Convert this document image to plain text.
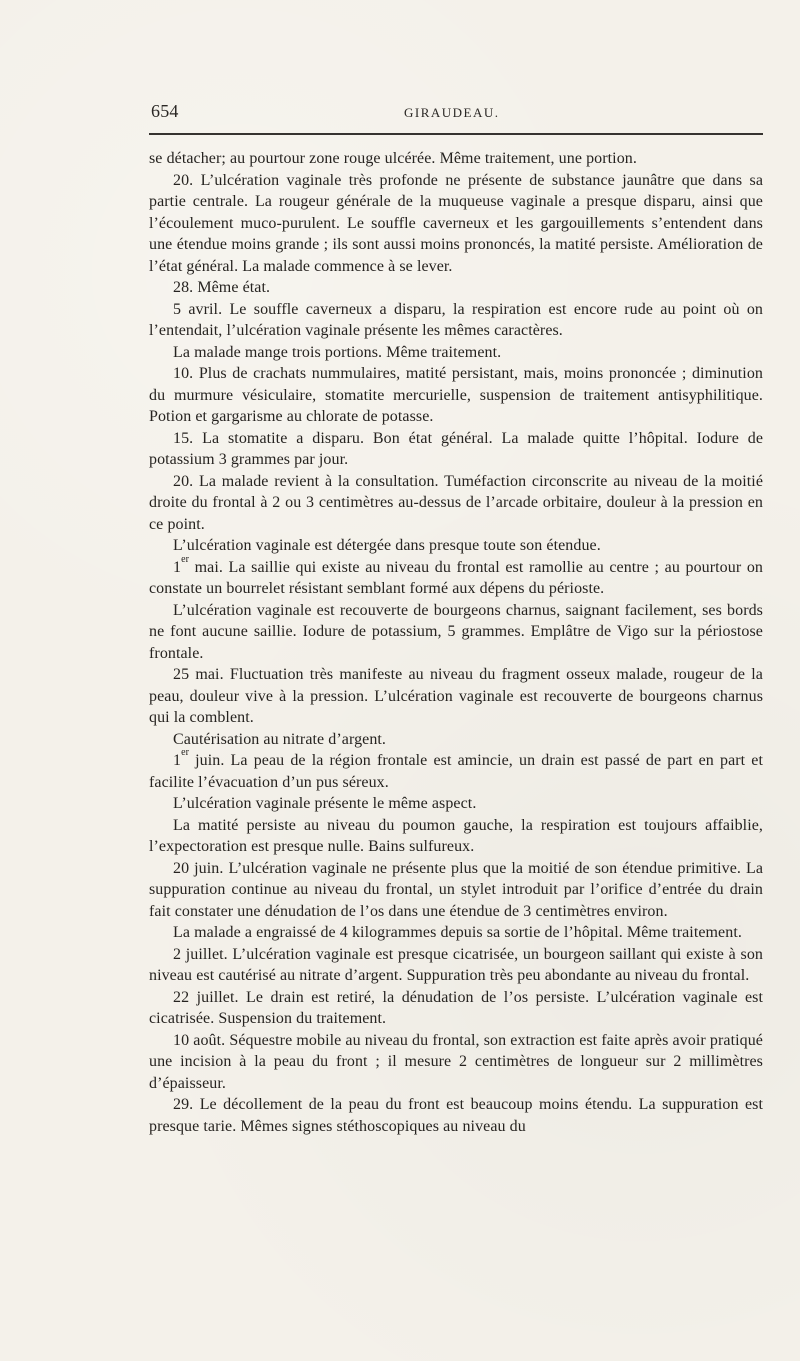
654	GIRAUDEAU.

se détacher; au pourtour zone rouge ulcérée. Même traitement, une portion.

20. L’ulcération vaginale très profonde ne présente de substance jaunâtre que dans sa partie centrale. La rougeur générale de la muqueuse vaginale a presque disparu, ainsi que l’écoulement muco-purulent. Le souffle caverneux et les gargouillements s’entendent dans une étendue moins grande ; ils sont aussi moins prononcés, la matité persiste. Amélioration de l’état général. La malade commence à se lever.

28. Même état.

5 avril. Le souffle caverneux a disparu, la respiration est encore rude au point où on l’entendait, l’ulcération vaginale présente les mêmes caractères.

La malade mange trois portions. Même traitement.

10. Plus de crachats nummulaires, matité persistant, mais, moins prononcée ; diminution du murmure vésiculaire, stomatite mercurielle, suspension de traitement antisyphilitique. Potion et gargarisme au chlorate de potasse.

15. La stomatite a disparu. Bon état général. La malade quitte l’hôpital. Iodure de potassium 3 grammes par jour.

20. La malade revient à la consultation. Tuméfaction circonscrite au niveau de la moitié droite du frontal à 2 ou 3 centimètres au-dessus de l’arcade orbitaire, douleur à la pression en ce point.

L’ulcération vaginale est détergée dans presque toute son étendue.

1er mai. La saillie qui existe au niveau du frontal est ramollie au centre ; au pourtour on constate un bourrelet résistant semblant formé aux dépens du périoste.

L’ulcération vaginale est recouverte de bourgeons charnus, saignant facilement, ses bords ne font aucune saillie. Iodure de potassium, 5 grammes. Emplâtre de Vigo sur la périostose frontale.

25 mai. Fluctuation très manifeste au niveau du fragment osseux malade, rougeur de la peau, douleur vive à la pression. L’ulcération vaginale est recouverte de bourgeons charnus qui la comblent.

Cautérisation au nitrate d’argent.

1er juin. La peau de la région frontale est amincie, un drain est passé de part en part et facilite l’évacuation d’un pus séreux.

L’ulcération vaginale présente le même aspect.

La matité persiste au niveau du poumon gauche, la respiration est toujours affaiblie, l’expectoration est presque nulle. Bains sulfureux.

20 juin. L’ulcération vaginale ne présente plus que la moitié de son étendue primitive. La suppuration continue au niveau du frontal, un stylet introduit par l’orifice d’entrée du drain fait constater une dénudation de l’os dans une étendue de 3 centimètres environ.

La malade a engraissé de 4 kilogrammes depuis sa sortie de l’hôpital. Même traitement.

2 juillet. L’ulcération vaginale est presque cicatrisée, un bourgeon saillant qui existe à son niveau est cautérisé au nitrate d’argent. Suppuration très peu abondante au niveau du frontal.

22 juillet. Le drain est retiré, la dénudation de l’os persiste. L’ulcération vaginale est cicatrisée. Suspension du traitement.

10 août. Séquestre mobile au niveau du frontal, son extraction est faite après avoir pratiqué une incision à la peau du front ; il mesure 2 centimètres de longueur sur 2 millimètres d’épaisseur.

29. Le décollement de la peau du front est beaucoup moins étendu. La suppuration est presque tarie. Mêmes signes stéthoscopiques au niveau du
